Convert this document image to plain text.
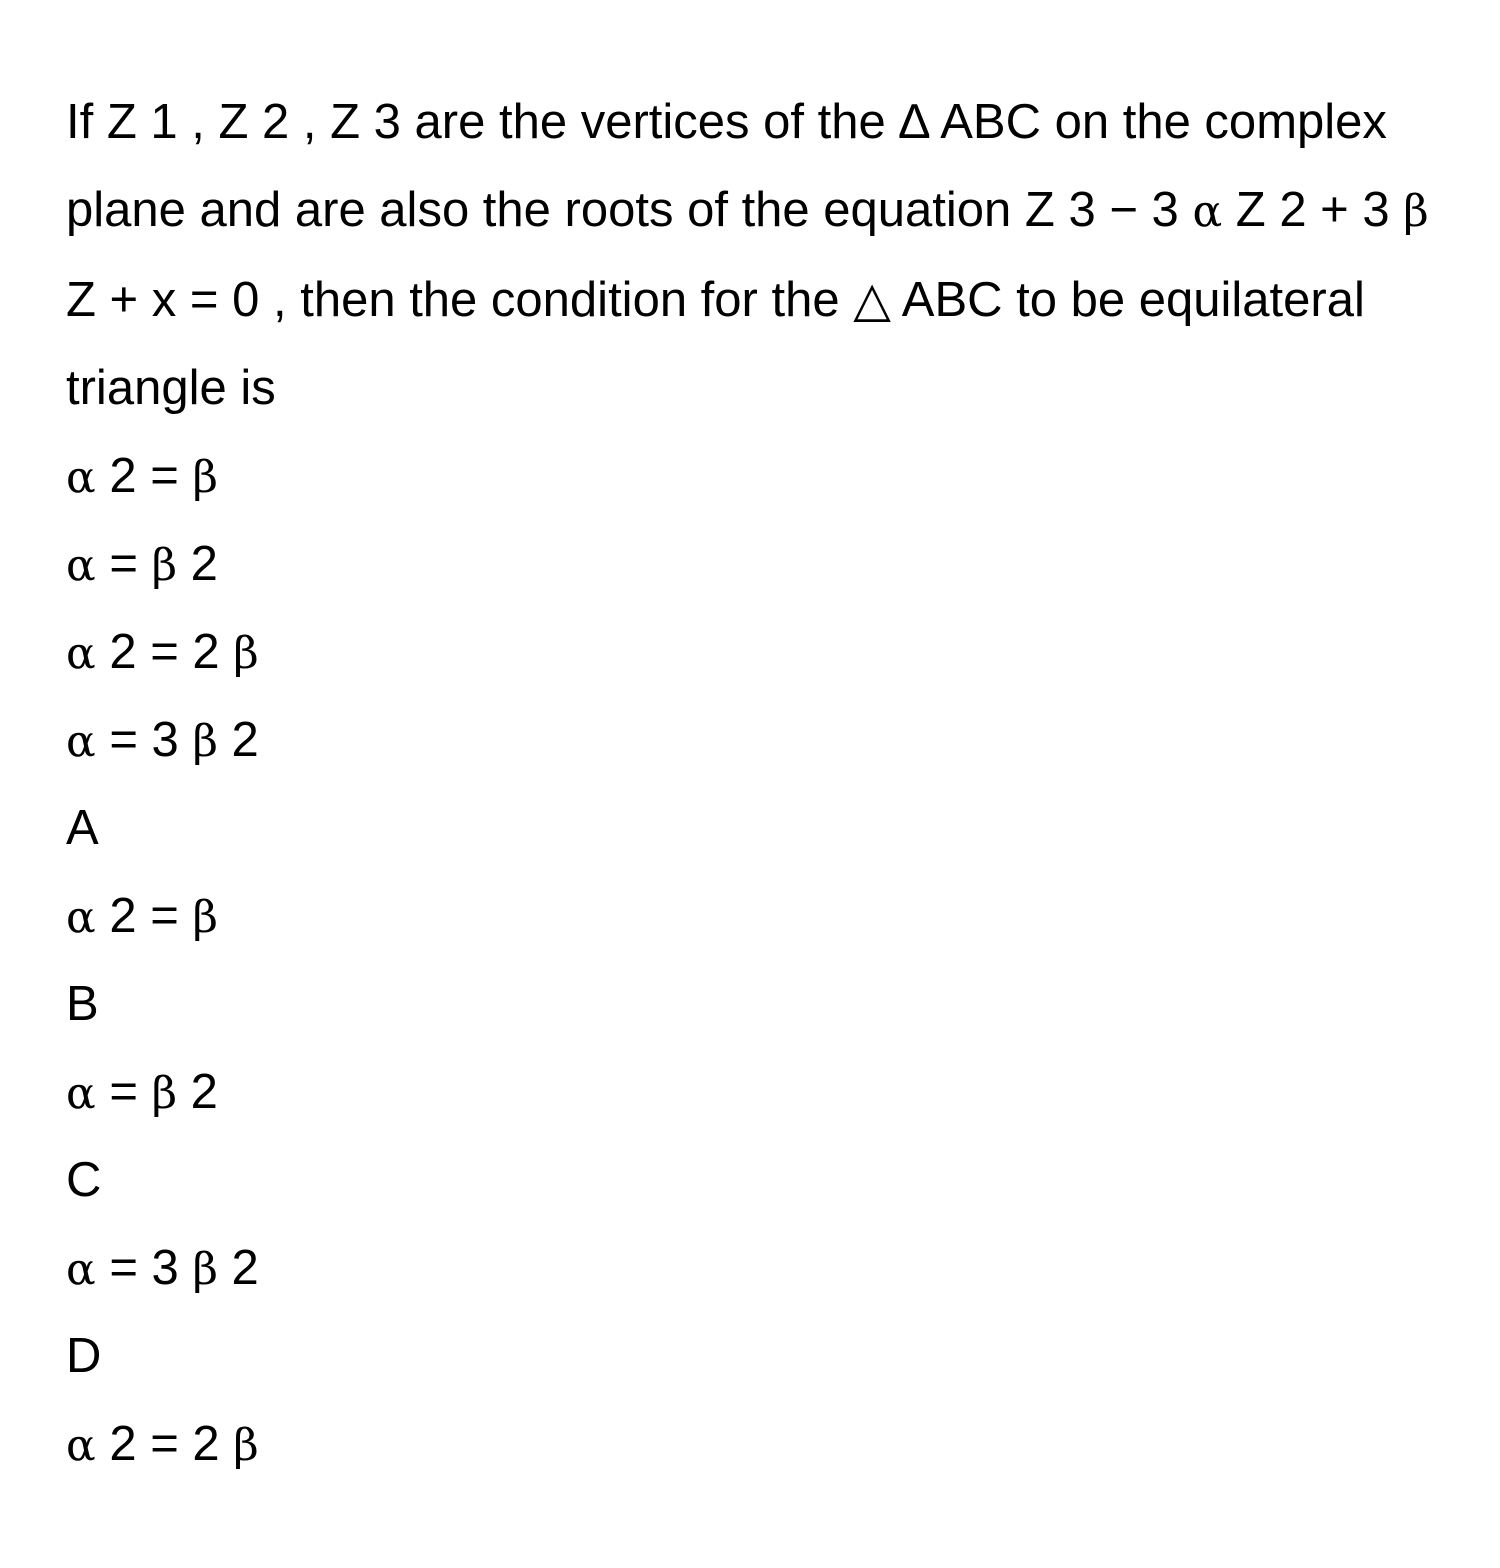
If Z 1 , Z 2 , Z 3 are the vertices of the ∆ ABC on the complex plane and are also the roots of the equation Z 3 − 3 α Z 2 + 3 β Z + x = 0 , then the condition for the △ ABC to be equilateral triangle is

α 2 = β
α = β 2
α 2 = 2 β
α = 3 β 2
A
α 2 = β
B
α = β 2
C
α = 3 β 2
D
α 2 = 2 β
